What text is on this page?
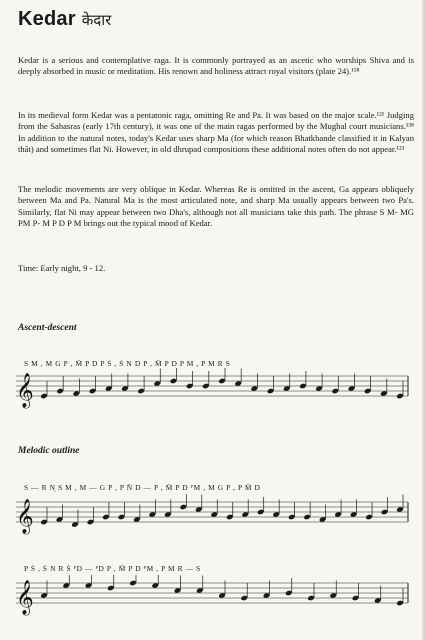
Kedar केदार

Kedar is a serious and contemplative raga. It is commonly portrayed as an ascetic who worships Shiva and is deeply absorbed in music or meditation. His renown and holiness attract royal visitors (plate 24).¹¹⁸

In its medieval form Kedar was a pentatonic raga, omitting Re and Pa. It was based on the major scale.¹²¹ Judging from the Sahasras (early 17th century), it was one of the main ragas performed by the Mughal court musicians.¹³⁸ In addition to the natural notes, today's Kedar uses sharp Ma (for which reason Bhatkhande classified it in Kalyan thāt) and sometimes flat Ni. However, in old dhrupad compositions these additional notes often do not appear.¹²³

The melodic movements are very oblique in Kedar. Whereas Re is omitted in the ascent, Ga appears obliquely between Ma and Pa. Natural Ma is the most articulated note, and sharp Ma usually appears between two Pa's. Similarly, flat Ni may appear between two Dha's, although not all musicians take this path. The phrase S M- MG PM P- M P D P M brings out the typical mood of Kedar.

Time: Early night, 9 - 12.

Ascent-descent
S M , M G P , M̄ P D P Ṡ , Ṡ N D P , M̄ P D P M , P M R S
𝄞
Melodic outline
S — R N̦ S M , M — G P , P N̄ D — P , M̄ P D ᴾM , M G P , P M̄ D
𝄞
P Ṡ , Ṡ N R Ṡ ᴾD — ᴾD P , M̄ P D ᴾM , P M R — S
𝄞
